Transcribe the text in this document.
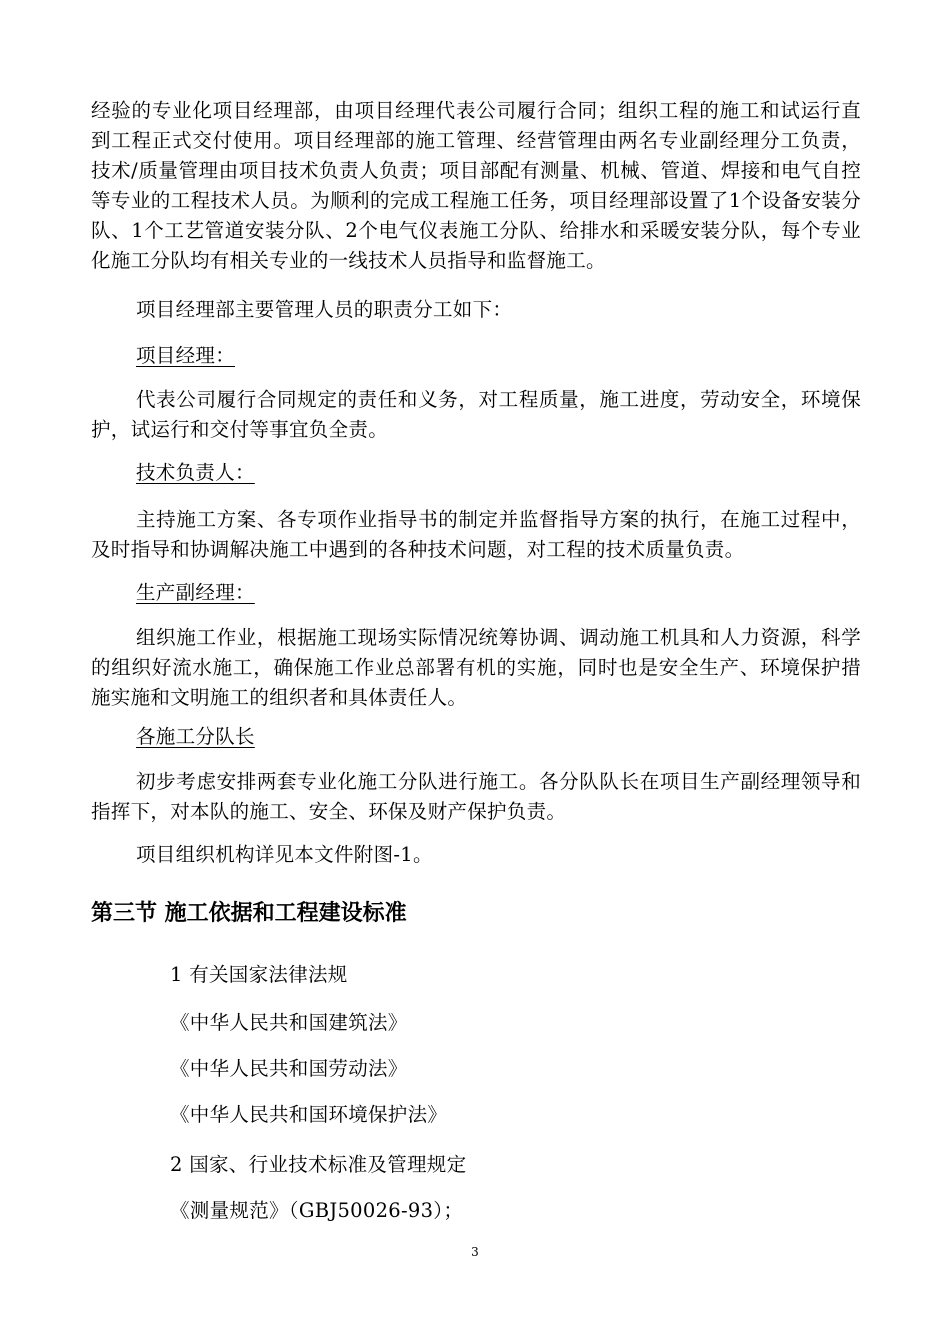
经验的专业化项目经理部，由项目经理代表公司履行合同；组织工程的施工和试运行直到工程正式交付使用。项目经理部的施工管理、经营管理由两名专业副经理分工负责，技术/质量管理由项目技术负责人负责；项目部配有测量、机械、管道、焊接和电气自控等专业的工程技术人员。为顺利的完成工程施工任务，项目经理部设置了1个设备安装分队、1个工艺管道安装分队、2个电气仪表施工分队、给排水和采暖安装分队，每个专业化施工分队均有相关专业的一线技术人员指导和监督施工。
项目经理部主要管理人员的职责分工如下：
项目经理：
代表公司履行合同规定的责任和义务，对工程质量，施工进度，劳动安全，环境保护，试运行和交付等事宜负全责。
技术负责人：
主持施工方案、各专项作业指导书的制定并监督指导方案的执行，在施工过程中，及时指导和协调解决施工中遇到的各种技术问题，对工程的技术质量负责。
生产副经理：
组织施工作业，根据施工现场实际情况统筹协调、调动施工机具和人力资源，科学的组织好流水施工，确保施工作业总部署有机的实施，同时也是安全生产、环境保护措施实施和文明施工的组织者和具体责任人。
各施工分队长
初步考虑安排两套专业化施工分队进行施工。各分队队长在项目生产副经理领导和指挥下，对本队的施工、安全、环保及财产保护负责。
项目组织机构详见本文件附图-1。
第三节 施工依据和工程建设标准
1 有关国家法律法规
《中华人民共和国建筑法》
《中华人民共和国劳动法》
《中华人民共和国环境保护法》
2 国家、行业技术标准及管理规定
《测量规范》（GBJ50026-93）；
3
